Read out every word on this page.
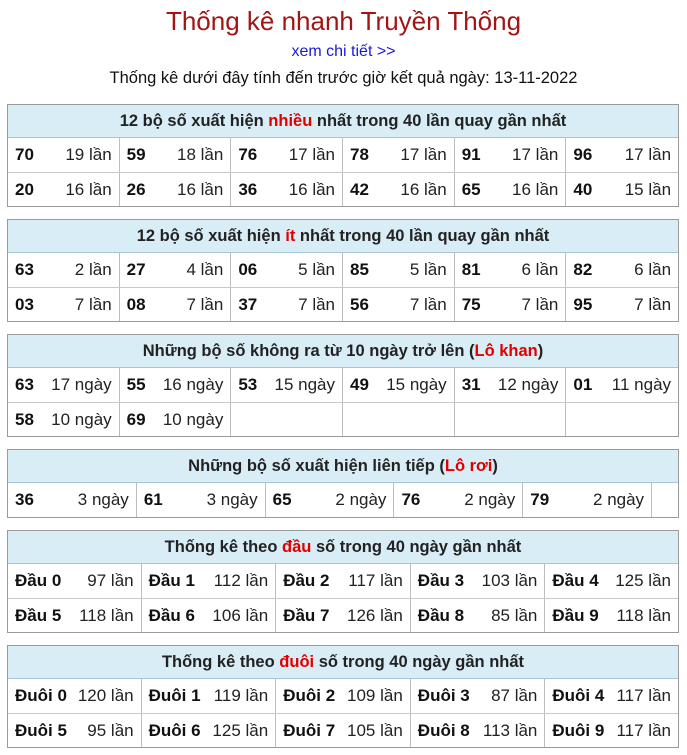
Thống kê nhanh Truyền Thống
xem chi tiết >>
Thống kê dưới đây tính đến trước giờ kết quả ngày: 13-11-2022
12 bộ số xuất hiện nhiều nhất trong 40 lần quay gần nhất
70 19 lần 59 18 lần 76 17 lần 78 17 lần 91 17 lần 96 17 lần
20 16 lần 26 16 lần 36 16 lần 42 16 lần 65 16 lần 40 15 lần
12 bộ số xuất hiện ít nhất trong 40 lần quay gần nhất
63 2 lần 27 4 lần 06 5 lần 85 5 lần 81 6 lần 82 6 lần
03 7 lần 08 7 lần 37 7 lần 56 7 lần 75 7 lần 95 7 lần
Những bộ số không ra từ 10 ngày trở lên (Lô khan)
63 17 ngày 55 16 ngày 53 15 ngày 49 15 ngày 31 12 ngày 01 11 ngày
58 10 ngày 69 10 ngày
Những bộ số xuất hiện liên tiếp (Lô rơi)
36	3 ngày 61	3 ngày 65	2 ngày 76	2 ngày 79	2 ngày
Thống kê theo đầu số trong 40 ngày gần nhất
Đầu 0 97 lần Đầu 1 112 lần Đầu 2 117 lần Đầu 3 103 lần Đầu 4 125 lần
Đầu 5 118 lần Đầu 6 106 lần Đầu 7 126 lần Đầu 8 85 lần Đầu 9 118 lần
Thống kê theo đuôi số trong 40 ngày gần nhất
Đuôi 0 120 lần Đuôi 1 119 lần Đuôi 2 109 lần Đuôi 3 87 lần Đuôi 4 117 lần
Đuôi 5 95 lần Đuôi 6 125 lần Đuôi 7 105 lần Đuôi 8 113 lần Đuôi 9 117 lần
